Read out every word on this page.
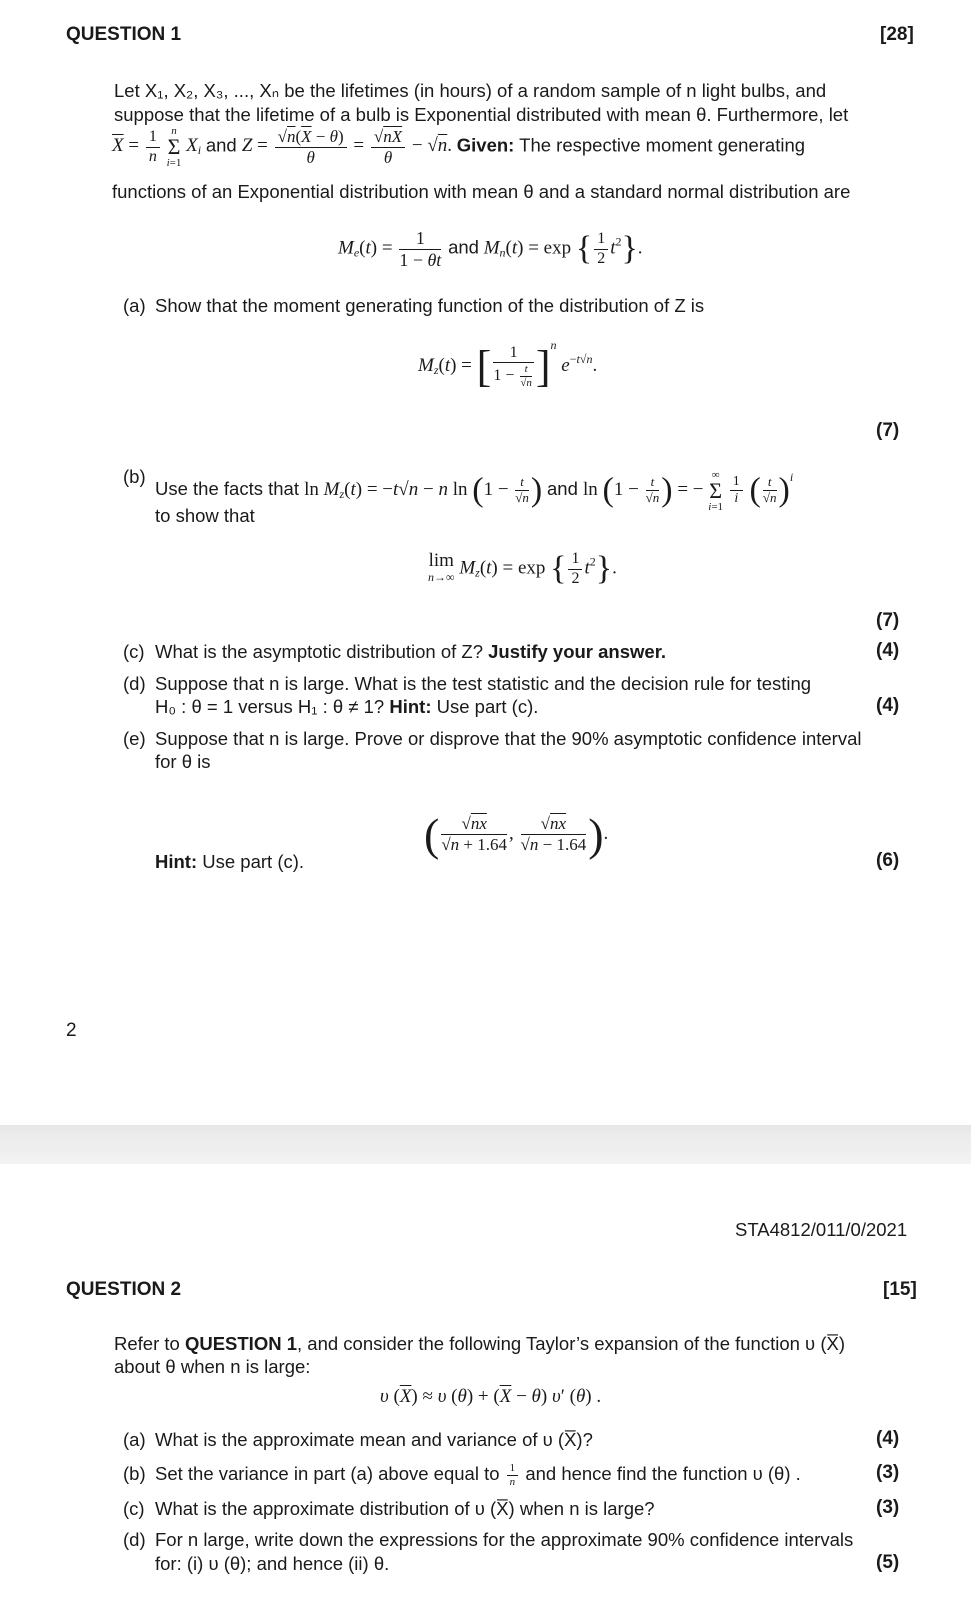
QUESTION 1	[28]
Let X₁, X₂, X₃, ..., Xₙ be the lifetimes (in hours) of a random sample of n light bulbs, and
suppose that the lifetime of a bulb is Exponential distributed with mean θ. Furthermore, let
$\overline{X} = \frac{1}{n}$
	n
Σ
i=1
$X_i$ and $Z = \frac{√n(\overline{X} - \theta)}{\theta} = \frac{√nX}{\theta} - √n$. Given: The respective moment generating
functions of an Exponential distribution with mean θ and a standard normal distribution are
$M_e(t) = \frac{1}{1 - \theta t}$ and $M_n(t) = \exp$ { $\frac{1}{2} t^2$}.
(a) Show that the moment generating function of the distribution of Z is
$M_z(t)$ = [ $\frac{1}{1 - \frac{t}{√n}} ]^n$ $e^{-t√n}$.
(7)
(b)
Use the facts that $\ln M_z(t) = -t√n - n$ $\ln (1 - \frac{t}{√n}$ ) and $\ln (1 - \frac{t}{√n}$ ) = −
∞
Σ
i=1
$\frac{1}{i}$ ( $\frac{t}{√n} )^i$
to show that
lim
n→∞ $M_z(t) = \exp$ { $\frac{1}{2} t^2$}.
(7)
(c) What is the asymptotic distribution of Z? Justify your answer.	(4)
(d) Suppose that n is large. What is the test statistic and the decision rule for testing
H₀ : θ = 1 versus H₁ : θ ≠ 1? Hint: Use part (c).	(4)
(e) Suppose that n is large. Prove or disprove that the 90% asymptotic confidence interval
for θ is
( $\frac{√nx}{√n + 1.64}$ , $\frac{√nx}{√n - 1.64}$ ).
Hint: Use part (c).	(6)
2
STA4812/011/0/2021
QUESTION 2	[15]
Refer to QUESTION 1, and consider the following Taylor’s expansion of the function υ (X̅)
about θ when n is large:
υ $(\overline{X}) \approx \upsilon$ $(\theta) + (\overline{X} - \theta)$ υ′ (θ) .
(a) What is the approximate mean and variance of υ (X̅)?	(4)
(b) Set the variance in part (a) above equal to $\frac{1}{n}$ and hence find the function υ (θ) .	(3)
(c) What is the approximate distribution of υ (X̅) when n is large?	(3)
(d) For n large, write down the expressions for the approximate 90% confidence intervals
for: (i) υ (θ); and hence (ii) θ.	(5)
